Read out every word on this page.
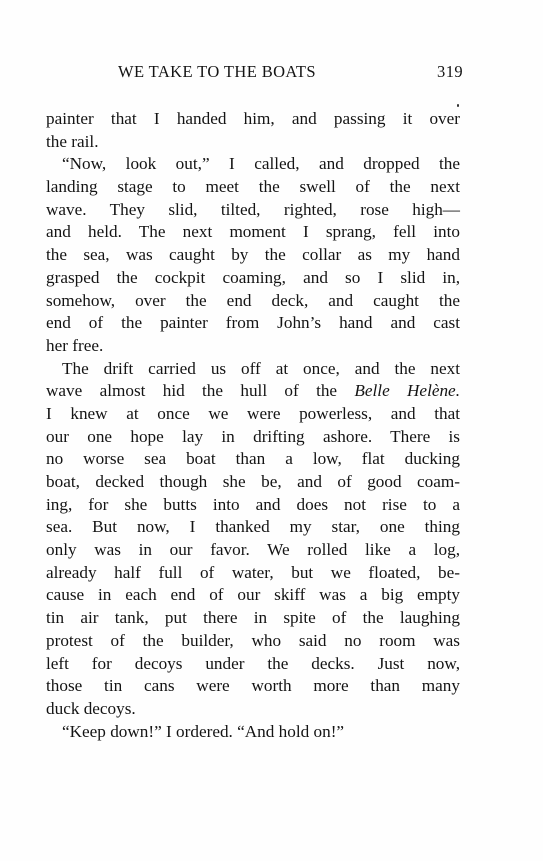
WE TAKE TO THE BOATS	319

painter that I handed him, and passing it over
the rail.

“Now, look out,” I called, and dropped the
landing stage to meet the swell of the next
wave. They slid, tilted, righted, rose high—
and held. The next moment I sprang, fell into
the sea, was caught by the collar as my hand
grasped the cockpit coaming, and so I slid in,
somehow, over the end deck, and caught the
end of the painter from John’s hand and cast
her free.

The drift carried us off at once, and the next
wave almost hid the hull of the Belle Helène.
I knew at once we were powerless, and that
our one hope lay in drifting ashore. There is
no worse sea boat than a low, flat ducking
boat, decked though she be, and of good coam-
ing, for she butts into and does not rise to a
sea. But now, I thanked my star, one thing
only was in our favor. We rolled like a log,
already half full of water, but we floated, be-
cause in each end of our skiff was a big empty
tin air tank, put there in spite of the laughing
protest of the builder, who said no room was
left for decoys under the decks. Just now,
those tin cans were worth more than many
duck decoys.

“Keep down!” I ordered. “And hold on!”
